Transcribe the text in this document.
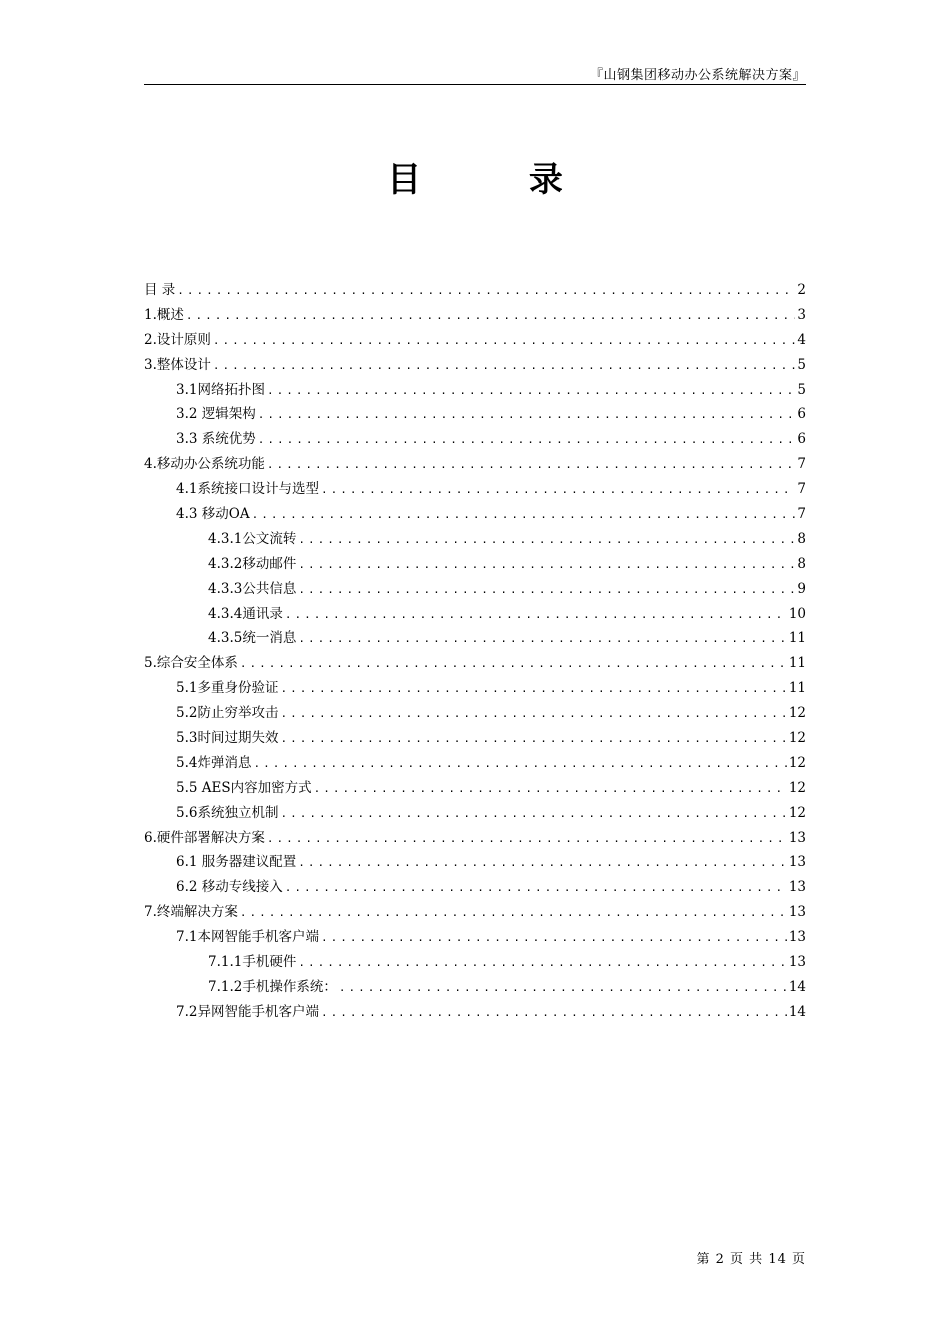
『山钢集团移动办公系统解决方案』
目 录
目 录 .....	2
1.概述 .....	3
2.设计原则 .....	4
3.整体设计 .....	5
3.1网络拓扑图 .....	5
3.2 逻辑架构 .....	6
3.3 系统优势 .....	6
4.移动办公系统功能 .....	7
4.1系统接口设计与选型 .....	7
4.3 移动OA .....	7
4.3.1公文流转 .....	8
4.3.2移动邮件 .....	8
4.3.3公共信息 .....	9
4.3.4通讯录 .....	10
4.3.5统一消息 .....	11
5.综合安全体系 .....	11
5.1多重身份验证 .....	11
5.2防止穷举攻击 .....	12
5.3时间过期失效 .....	12
5.4炸弹消息 .....	12
5.5 AES内容加密方式 .....	12
5.6系统独立机制 .....	12
6.硬件部署解决方案 .....	13
6.1 服务器建议配置 .....	13
6.2 移动专线接入 .....	13
7.终端解决方案 .....	13
7.1本网智能手机客户端 .....	13
7.1.1手机硬件 .....	13
7.1.2手机操作系统： .....	14
7.2异网智能手机客户端 .....	14
第 2 页 共 14 页
